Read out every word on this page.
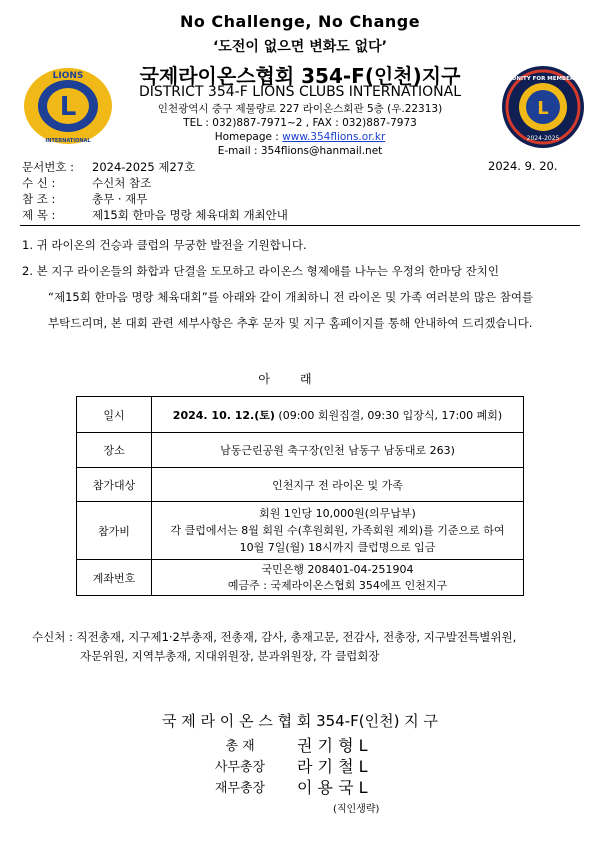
No Challenge, No Change
‘도전이 없으면 변화도 없다’
L
LIONS
INTERNATIONAL
L
UNITY FOR MEMBER
2024-2025
국제라이온스협회 354-F(인천)지구
DISTRICT 354-F LIONS CLUBS INTERNATIONAL
인천광역시 중구 제물량로 227 라이온스회관 5층 (우.22313)
TEL : 032)887-7971~2 , FAX : 032)887-7973
Homepage : www.354flions.or.kr
E-mail : 354flions@hanmail.net
문서번호 : 2024-2025 제27호	2024. 9. 20.
수 신 :	수신처 참조
참 조 :	총무 · 재무
제 목 :	제15회 한마음 명랑 체육대회 개최안내
1. 귀 라이온의 건승과 클럽의 무궁한 발전을 기원합니다.
2. 본 지구 라이온들의 화합과 단결을 도모하고 라이온스 형제애를 나누는 우정의 한마당 잔치인
“제15회 한마음 명랑 체육대회”를 아래와 같이 개최하니 전 라이온 및 가족 여러분의 많은 참여를
부탁드리며, 본 대회 관련 세부사항은 추후 문자 및 지구 홈페이지를 통해 안내하여 드리겠습니다.
아래
일시	2024. 10. 12.(토) (09:00 회원집결, 09:30 입장식, 17:00 폐회)
장소	남동근린공원 축구장(인천 남동구 남동대로 263)
참가대상	인천지구 전 라이온 및 가족
참가비	회원 1인당 10,000원(의무납부)
각 클럽에서는 8월 회원 수(후원회원, 가족회원 제외)를 기준으로 하여
10월 7일(월) 18시까지 클럽명으로 입금

계좌번호	국민은행 208401-04-251904
예금주 : 국제라이온스협회 354에프 인천지구
수신처 : 직전총재, 지구제1·2부총재, 전총재, 감사, 총재고문, 전감사, 전총장, 지구발전특별위원,
자문위원, 지역부총재, 지대위원장, 분과위원장, 각 클럽회장
국 제 라 이 온 스 협 회 354-F(인천) 지 구
총 재	권 기 형 L
사무총장	라 기 철 L
재무총장	이 용 국 L
(직인생략)
